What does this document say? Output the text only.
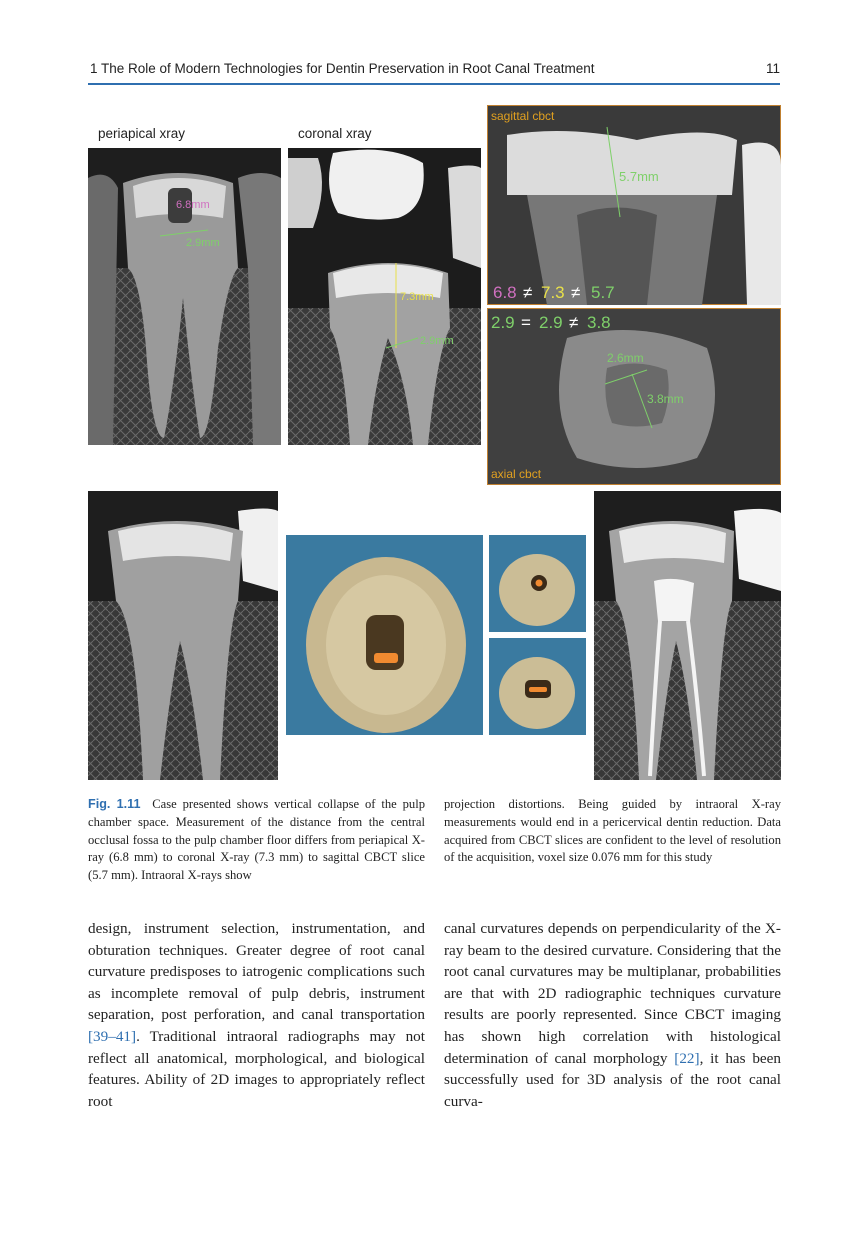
1 The Role of Modern Technologies for Dentin Preservation in Root Canal Treatment	11
periapical xray	coronal xray
6.8mm
2.9mm
7.3mm
2.9mm
sagittal cbct
5.7mm
6.8 ≠ 7.3 ≠ 5.7
2.9 = 2.9 ≠ 3.8
2.6mm
3.8mm
axial cbct
Fig. 1.11 Case presented shows vertical collapse of the pulp chamber space. Measurement of the distance from the central occlusal fossa to the pulp chamber floor differs from periapical X-ray (6.8 mm) to coronal X-ray (7.3 mm) to sagittal CBCT slice (5.7 mm). Intraoral X-rays show
projection distortions. Being guided by intraoral X-ray measurements would end in a pericervical dentin reduction. Data acquired from CBCT slices are confident to the level of resolution of the acquisition, voxel size 0.076 mm for this study
design, instrument selection, instrumentation, and obturation techniques. Greater degree of root canal curvature predisposes to iatrogenic complications such as incomplete removal of pulp debris, instrument separation, post perforation, and canal transportation [39–41]. Traditional intraoral radiographs may not reflect all anatomical, morphological, and biological features. Ability of 2D images to appropriately reflect root
canal curvatures depends on perpendicularity of the X-ray beam to the desired curvature. Considering that the root canal curvatures may be multiplanar, probabilities are that with 2D radiographic techniques curvature results are poorly represented. Since CBCT imaging has shown high correlation with histological determination of canal morphology [22], it has been successfully used for 3D analysis of the root canal curva-
